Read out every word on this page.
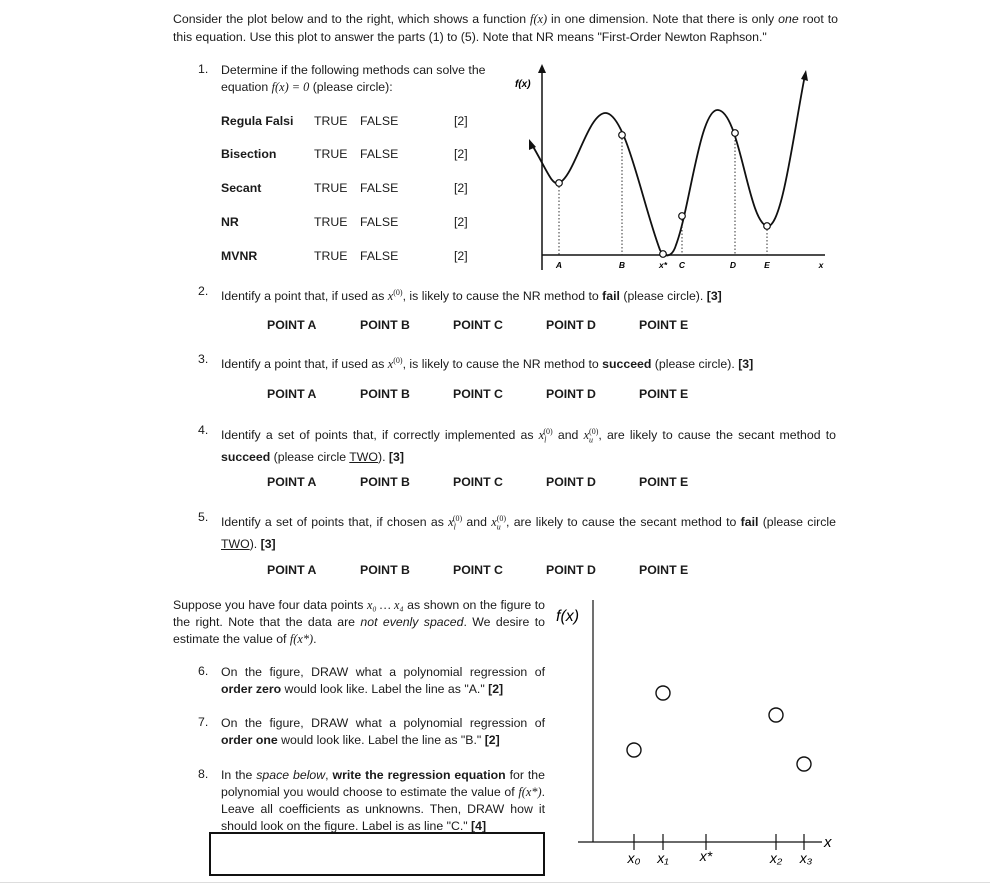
Consider the plot below and to the right, which shows a function f(x) in one dimension. Note that there is only one root to this equation. Use this plot to answer the parts (1) to (5). Note that NR means "First-Order Newton Raphson."
1.	Determine if the following methods can solve the equation f(x) = 0 (please circle):
Regula Falsi TRUE FALSE	[2]
Bisection	TRUE FALSE	[2]
Secant	TRUE FALSE	[2]
NR	TRUE FALSE	[2]
MVNR	TRUE FALSE	[2]
f(x)
A	B	x* C	D	E	x
2.	Identify a point that, if used as $x^{(0)}$, is likely to cause the NR method to fail (please circle). [3]
POINT A	POINT B	POINT C	POINT D	POINT E
3.	Identify a point that, if used as $x^{(0)}$, is likely to cause the NR method to succeed (please circle). [3]
POINT A	POINT B	POINT C	POINT D	POINT E
4.	Identify a set of points that, if correctly implemented as $x_l^{(0)}$ and $x_u^{(0)}$, are likely to cause the secant method to succeed (please circle TWO). [3]
POINT A	POINT B	POINT C	POINT D	POINT E
5.	Identify a set of points that, if chosen as $x_l^{(0)}$ and $x_u^{(0)}$, are likely to cause the secant method to fail (please circle TWO). [3]
POINT A	POINT B	POINT C	POINT D	POINT E
Suppose you have four data points x₀ … x₄ as shown on the figure to the right. Note that the data are not evenly spaced. We desire to estimate the value of f(x*).
6.	On the figure, DRAW what a polynomial regression of order zero would look like. Label the line as "A." [2]
7.	On the figure, DRAW what a polynomial regression of order one would look like. Label the line as "B." [2]
8.	In the space below, write the regression equation for the polynomial you would choose to estimate the value of f(x*). Leave all coefficients as unknowns. Then, DRAW how it should look on the figure. Label is as line "C." [4]
f(x)
x
x₀ x₁ x*	x₂ x₃
